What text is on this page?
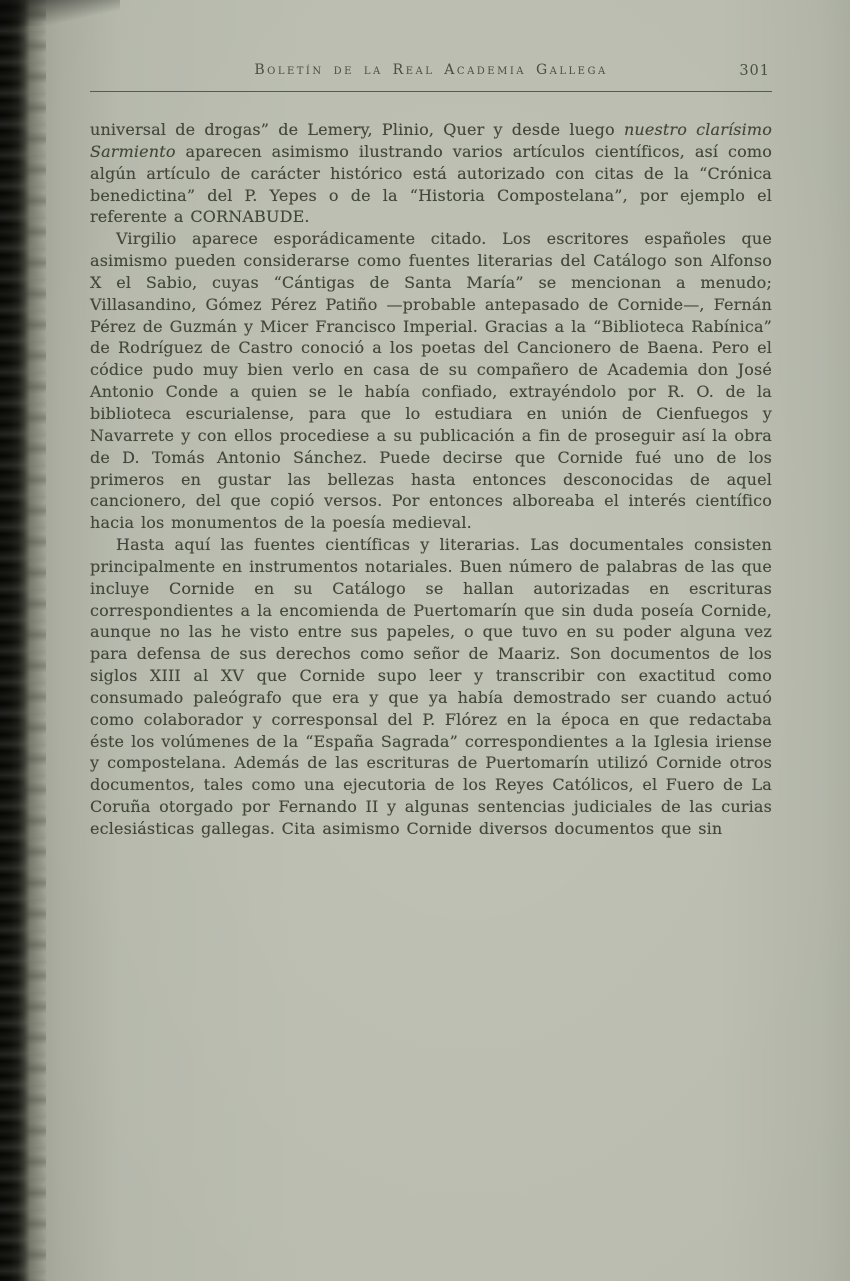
Boletín de la Real Academia Gallega	301

universal de drogas” de Lemery, Plinio, Quer y desde luego nuestro clarísimo Sarmiento aparecen asimismo ilustrando varios artículos científicos, así como algún artículo de carácter histórico está autorizado con citas de la “Crónica benedictina” del P. Yepes o de la “Historia Compostelana”, por ejemplo el referente a CORNABUDE.

Virgilio aparece esporádicamente citado. Los escritores españoles que asimismo pueden considerarse como fuentes literarias del Catálogo son Alfonso X el Sabio, cuyas “Cántigas de Santa María” se mencionan a menudo; Villasandino, Gómez Pérez Patiño —probable antepasado de Cornide—, Fernán Pérez de Guzmán y Micer Francisco Imperial. Gracias a la “Biblioteca Rabínica” de Rodríguez de Castro conoció a los poetas del Cancionero de Baena. Pero el códice pudo muy bien verlo en casa de su compañero de Academia don José Antonio Conde a quien se le había confiado, extrayéndolo por R. O. de la biblioteca escurialense, para que lo estudiara en unión de Cienfuegos y Navarrete y con ellos procediese a su publicación a fin de proseguir así la obra de D. Tomás Antonio Sánchez. Puede decirse que Cornide fué uno de los primeros en gustar las bellezas hasta entonces desconocidas de aquel cancionero, del que copió versos. Por entonces alboreaba el interés científico hacia los monumentos de la poesía medieval.

Hasta aquí las fuentes científicas y literarias. Las documentales consisten principalmente en instrumentos notariales. Buen número de palabras de las que incluye Cornide en su Catálogo se hallan autorizadas en escrituras correspondientes a la encomienda de Puertomarín que sin duda poseía Cornide, aunque no las he visto entre sus papeles, o que tuvo en su poder alguna vez para defensa de sus derechos como señor de Maariz. Son documentos de los siglos XIII al XV que Cornide supo leer y transcribir con exactitud como consumado paleógrafo que era y que ya había demostrado ser cuando actuó como colaborador y corresponsal del P. Flórez en la época en que redactaba éste los volúmenes de la “España Sagrada” correspondientes a la Iglesia iriense y compostelana. Además de las escrituras de Puertomarín utilizó Cornide otros documentos, tales como una ejecutoria de los Reyes Católicos, el Fuero de La Coruña otorgado por Fernando II y algunas sentencias judiciales de las curias eclesiásticas gallegas. Cita asimismo Cornide diversos documentos que sin
